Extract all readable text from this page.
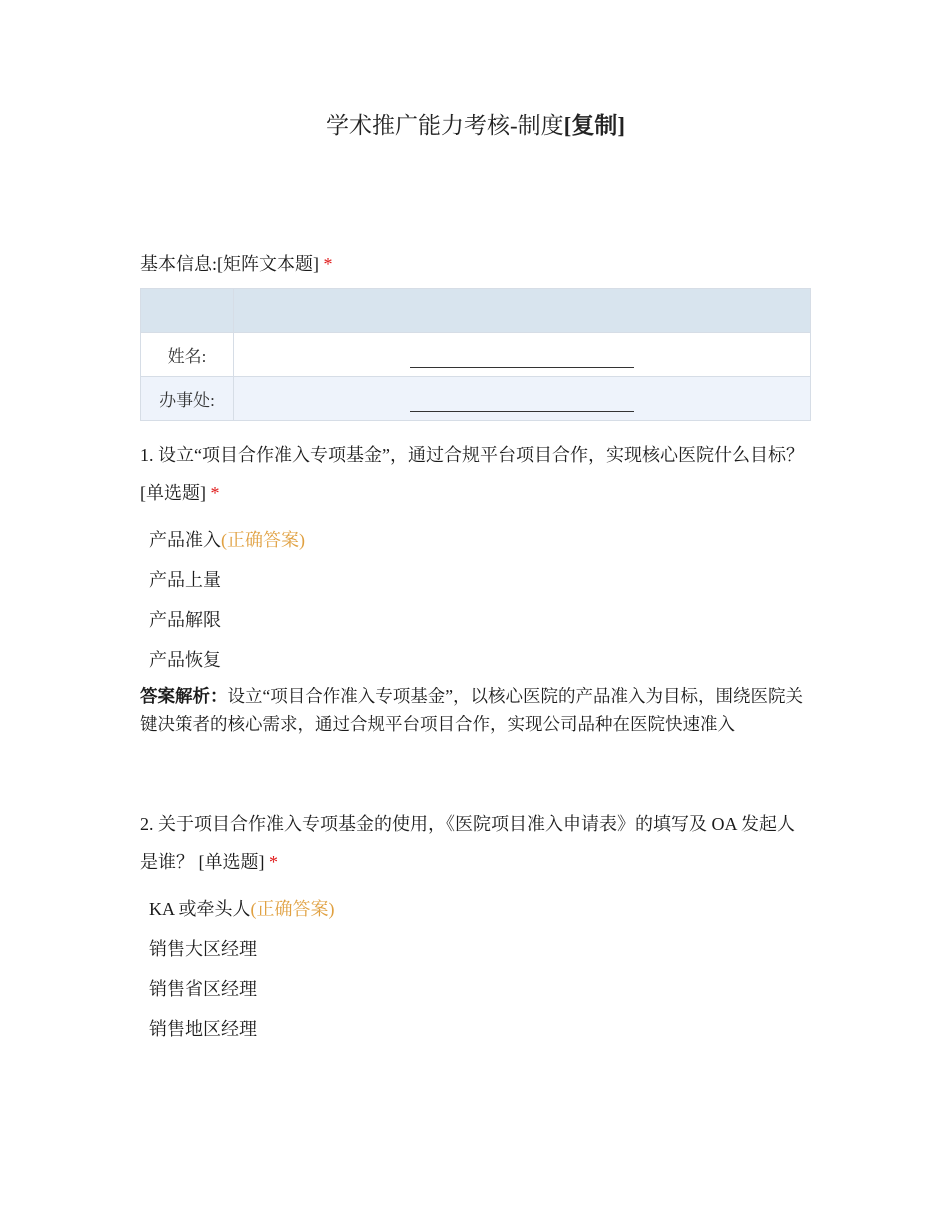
学术推广能力考核-制度[复制]
基本信息:[矩阵文本题] *

姓名:	
办事处:	
1. 设立“项目合作准入专项基金”，通过合规平台项目合作，实现核心医院什么目标？ [单选题] *
产品准入(正确答案)
产品上量
产品解限
产品恢复
答案解析：设立“项目合作准入专项基金”，以核心医院的产品准入为目标，围绕医院关键决策者的核心需求，通过合规平台项目合作，实现公司品种在医院快速准入
2. 关于项目合作准入专项基金的使用，《医院项目准入申请表》的填写及 OA 发起人是谁？ [单选题] *
KA 或牵头人(正确答案)
销售大区经理
销售省区经理
销售地区经理
